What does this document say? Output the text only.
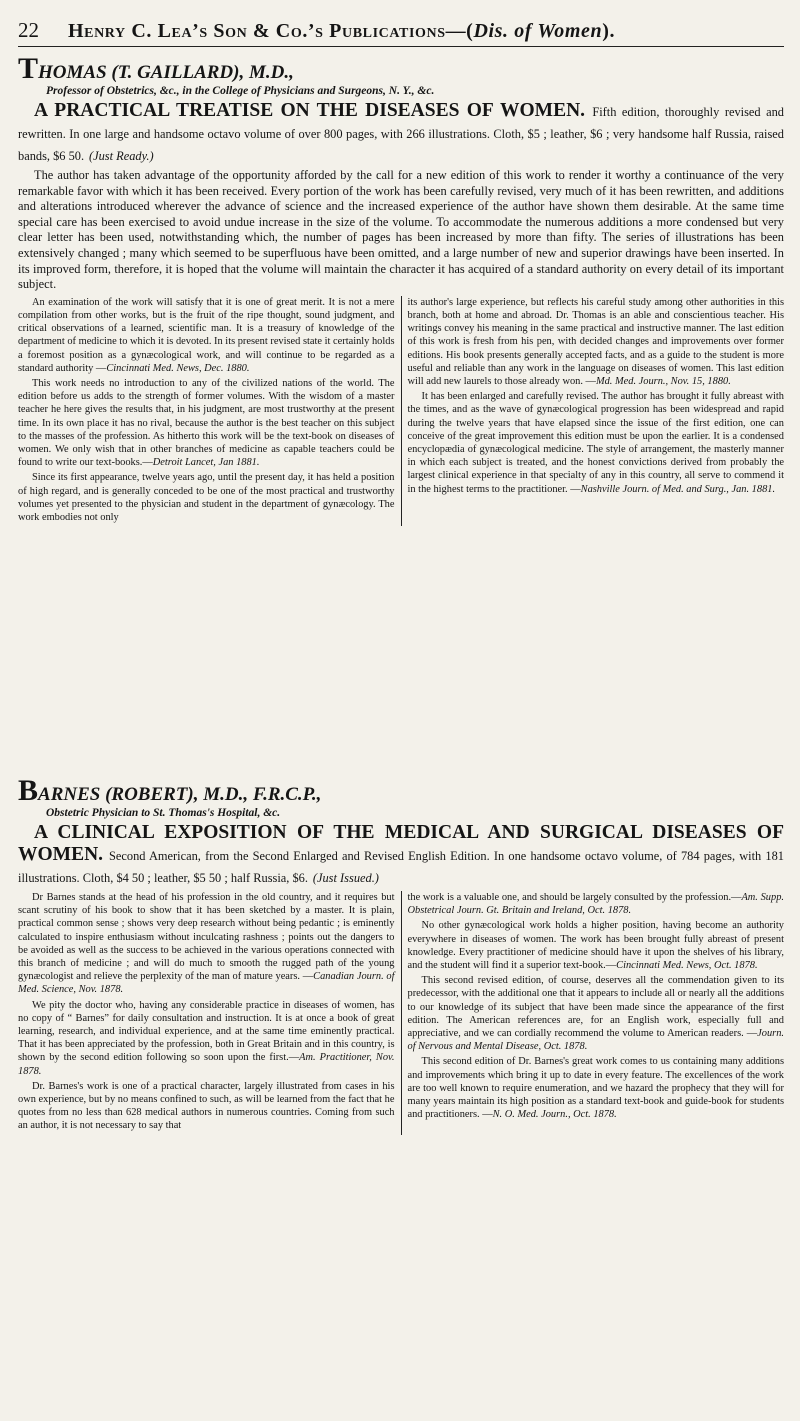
22	Henry C. Lea’s Son & Co.’s Publications—(Dis. of Women).
THOMAS (T. GAILLARD), M.D.,
Professor of Obstetrics, &c., in the College of Physicians and Surgeons, N. Y., &c.
A PRACTICAL TREATISE ON THE DISEASES OF WOMEN. Fifth edition, thoroughly revised and rewritten. In one large and handsome octavo volume of over 800 pages, with 266 illustrations. Cloth, $5 ; leather, $6 ; very handsome half Russia, raised bands, $6 50. (Just Ready.)
The author has taken advantage of the opportunity afforded by the call for a new edition of this work to render it worthy a continuance of the very remarkable favor with which it has been received. Every portion of the work has been carefully revised, very much of it has been rewritten, and additions and alterations introduced wherever the advance of science and the increased experience of the author have shown them desirable. At the same time special care has been exercised to avoid undue increase in the size of the volume. To accommodate the numerous additions a more condensed but very clear letter has been used, notwithstanding which, the number of pages has been increased by more than fifty. The series of illustrations has been extensively changed ; many which seemed to be superfluous have been omitted, and a large number of new and superior drawings have been inserted. In its improved form, therefore, it is hoped that the volume will maintain the character it has acquired of a standard authority on every detail of its important subject.

An examination of the work will satisfy that it is one of great merit. It is not a mere compilation from other works, but is the fruit of the ripe thought, sound judgment, and critical observations of a learned, scientific man. It is a treasury of knowledge of the department of medicine to which it is devoted. In its present revised state it certainly holds a foremost position as a gynæcological work, and will continue to be regarded as a standard authority —Cincinnati Med. News, Dec. 1880.

This work needs no introduction to any of the civilized nations of the world. The edition before us adds to the strength of former volumes. With the wisdom of a master teacher he here gives the results that, in his judgment, are most trustworthy at the present time. In its own place it has no rival, because the author is the best teacher on this subject to the masses of the profession. As hitherto this work will be the text-book on diseases of women. We only wish that in other branches of medicine as capable teachers could be found to write our text-books.—Detroit Lancet, Jan 1881.

Since its first appearance, twelve years ago, until the present day, it has held a position of high regard, and is generally conceded to be one of the most practical and trustworthy volumes yet presented to the physician and student in the department of gynæcology. The work embodies not only

its author's large experience, but reflects his careful study among other authorities in this branch, both at home and abroad. Dr. Thomas is an able and conscientious teacher. His writings convey his meaning in the same practical and instructive manner. The last edition of this work is fresh from his pen, with decided changes and improvements over former editions. His book presents generally accepted facts, and as a guide to the student is more useful and reliable than any work in the language on diseases of women. This last edition will add new laurels to those already won. —Md. Med. Journ., Nov. 15, 1880.

It has been enlarged and carefully revised. The author has brought it fully abreast with the times, and as the wave of gynæcological progression has been widespread and rapid during the twelve years that have elapsed since the issue of the first edition, one can conceive of the great improvement this edition must be upon the earlier. It is a condensed encyclopædia of gynæcological medicine. The style of arrangement, the masterly manner in which each subject is treated, and the honest convictions derived from probably the largest clinical experience in that specialty of any in this country, all serve to commend it in the highest terms to the practitioner. —Nashville Journ. of Med. and Surg., Jan. 1881.

BARNES (ROBERT), M.D., F.R.C.P.,
Obstetric Physician to St. Thomas's Hospital, &c.
A CLINICAL EXPOSITION OF THE MEDICAL AND SURGICAL DISEASES OF WOMEN. Second American, from the Second Enlarged and Revised English Edition. In one handsome octavo volume, of 784 pages, with 181 illustrations. Cloth, $4 50 ; leather, $5 50 ; half Russia, $6. (Just Issued.)

Dr Barnes stands at the head of his profession in the old country, and it requires but scant scrutiny of his book to show that it has been sketched by a master. It is plain, practical common sense ; shows very deep research without being pedantic ; is eminently calculated to inspire enthusiasm without inculcating rashness ; points out the dangers to be avoided as well as the success to be achieved in the various operations connected with this branch of medicine ; and will do much to smooth the rugged path of the young gynæcologist and relieve the perplexity of the man of mature years. —Canadian Journ. of Med. Science, Nov. 1878.

We pity the doctor who, having any considerable practice in diseases of women, has no copy of “ Barnes” for daily consultation and instruction. It is at once a book of great learning, research, and individual experience, and at the same time eminently practical. That it has been appreciated by the profession, both in Great Britain and in this country, is shown by the second edition following so soon upon the first.—Am. Practitioner, Nov. 1878.

Dr. Barnes's work is one of a practical character, largely illustrated from cases in his own experience, but by no means confined to such, as will be learned from the fact that he quotes from no less than 628 medical authors in numerous countries. Coming from such an author, it is not necessary to say that

the work is a valuable one, and should be largely consulted by the profession.—Am. Supp. Obstetrical Journ. Gt. Britain and Ireland, Oct. 1878.

No other gynæcological work holds a higher position, having become an authority everywhere in diseases of women. The work has been brought fully abreast of present knowledge. Every practitioner of medicine should have it upon the shelves of his library, and the student will find it a superior text-book.—Cincinnati Med. News, Oct. 1878.

This second revised edition, of course, deserves all the commendation given to its predecessor, with the additional one that it appears to include all or nearly all the additions to our knowledge of its subject that have been made since the appearance of the first edition. The American references are, for an English work, especially full and appreciative, and we can cordially recommend the volume to American readers. —Journ. of Nervous and Mental Disease, Oct. 1878.

This second edition of Dr. Barnes's great work comes to us containing many additions and improvements which bring it up to date in every feature. The excellences of the work are too well known to require enumeration, and we hazard the prophecy that they will for many years maintain its high position as a standard text-book and guide-book for students and practitioners. —N. O. Med. Journ., Oct. 1878.
